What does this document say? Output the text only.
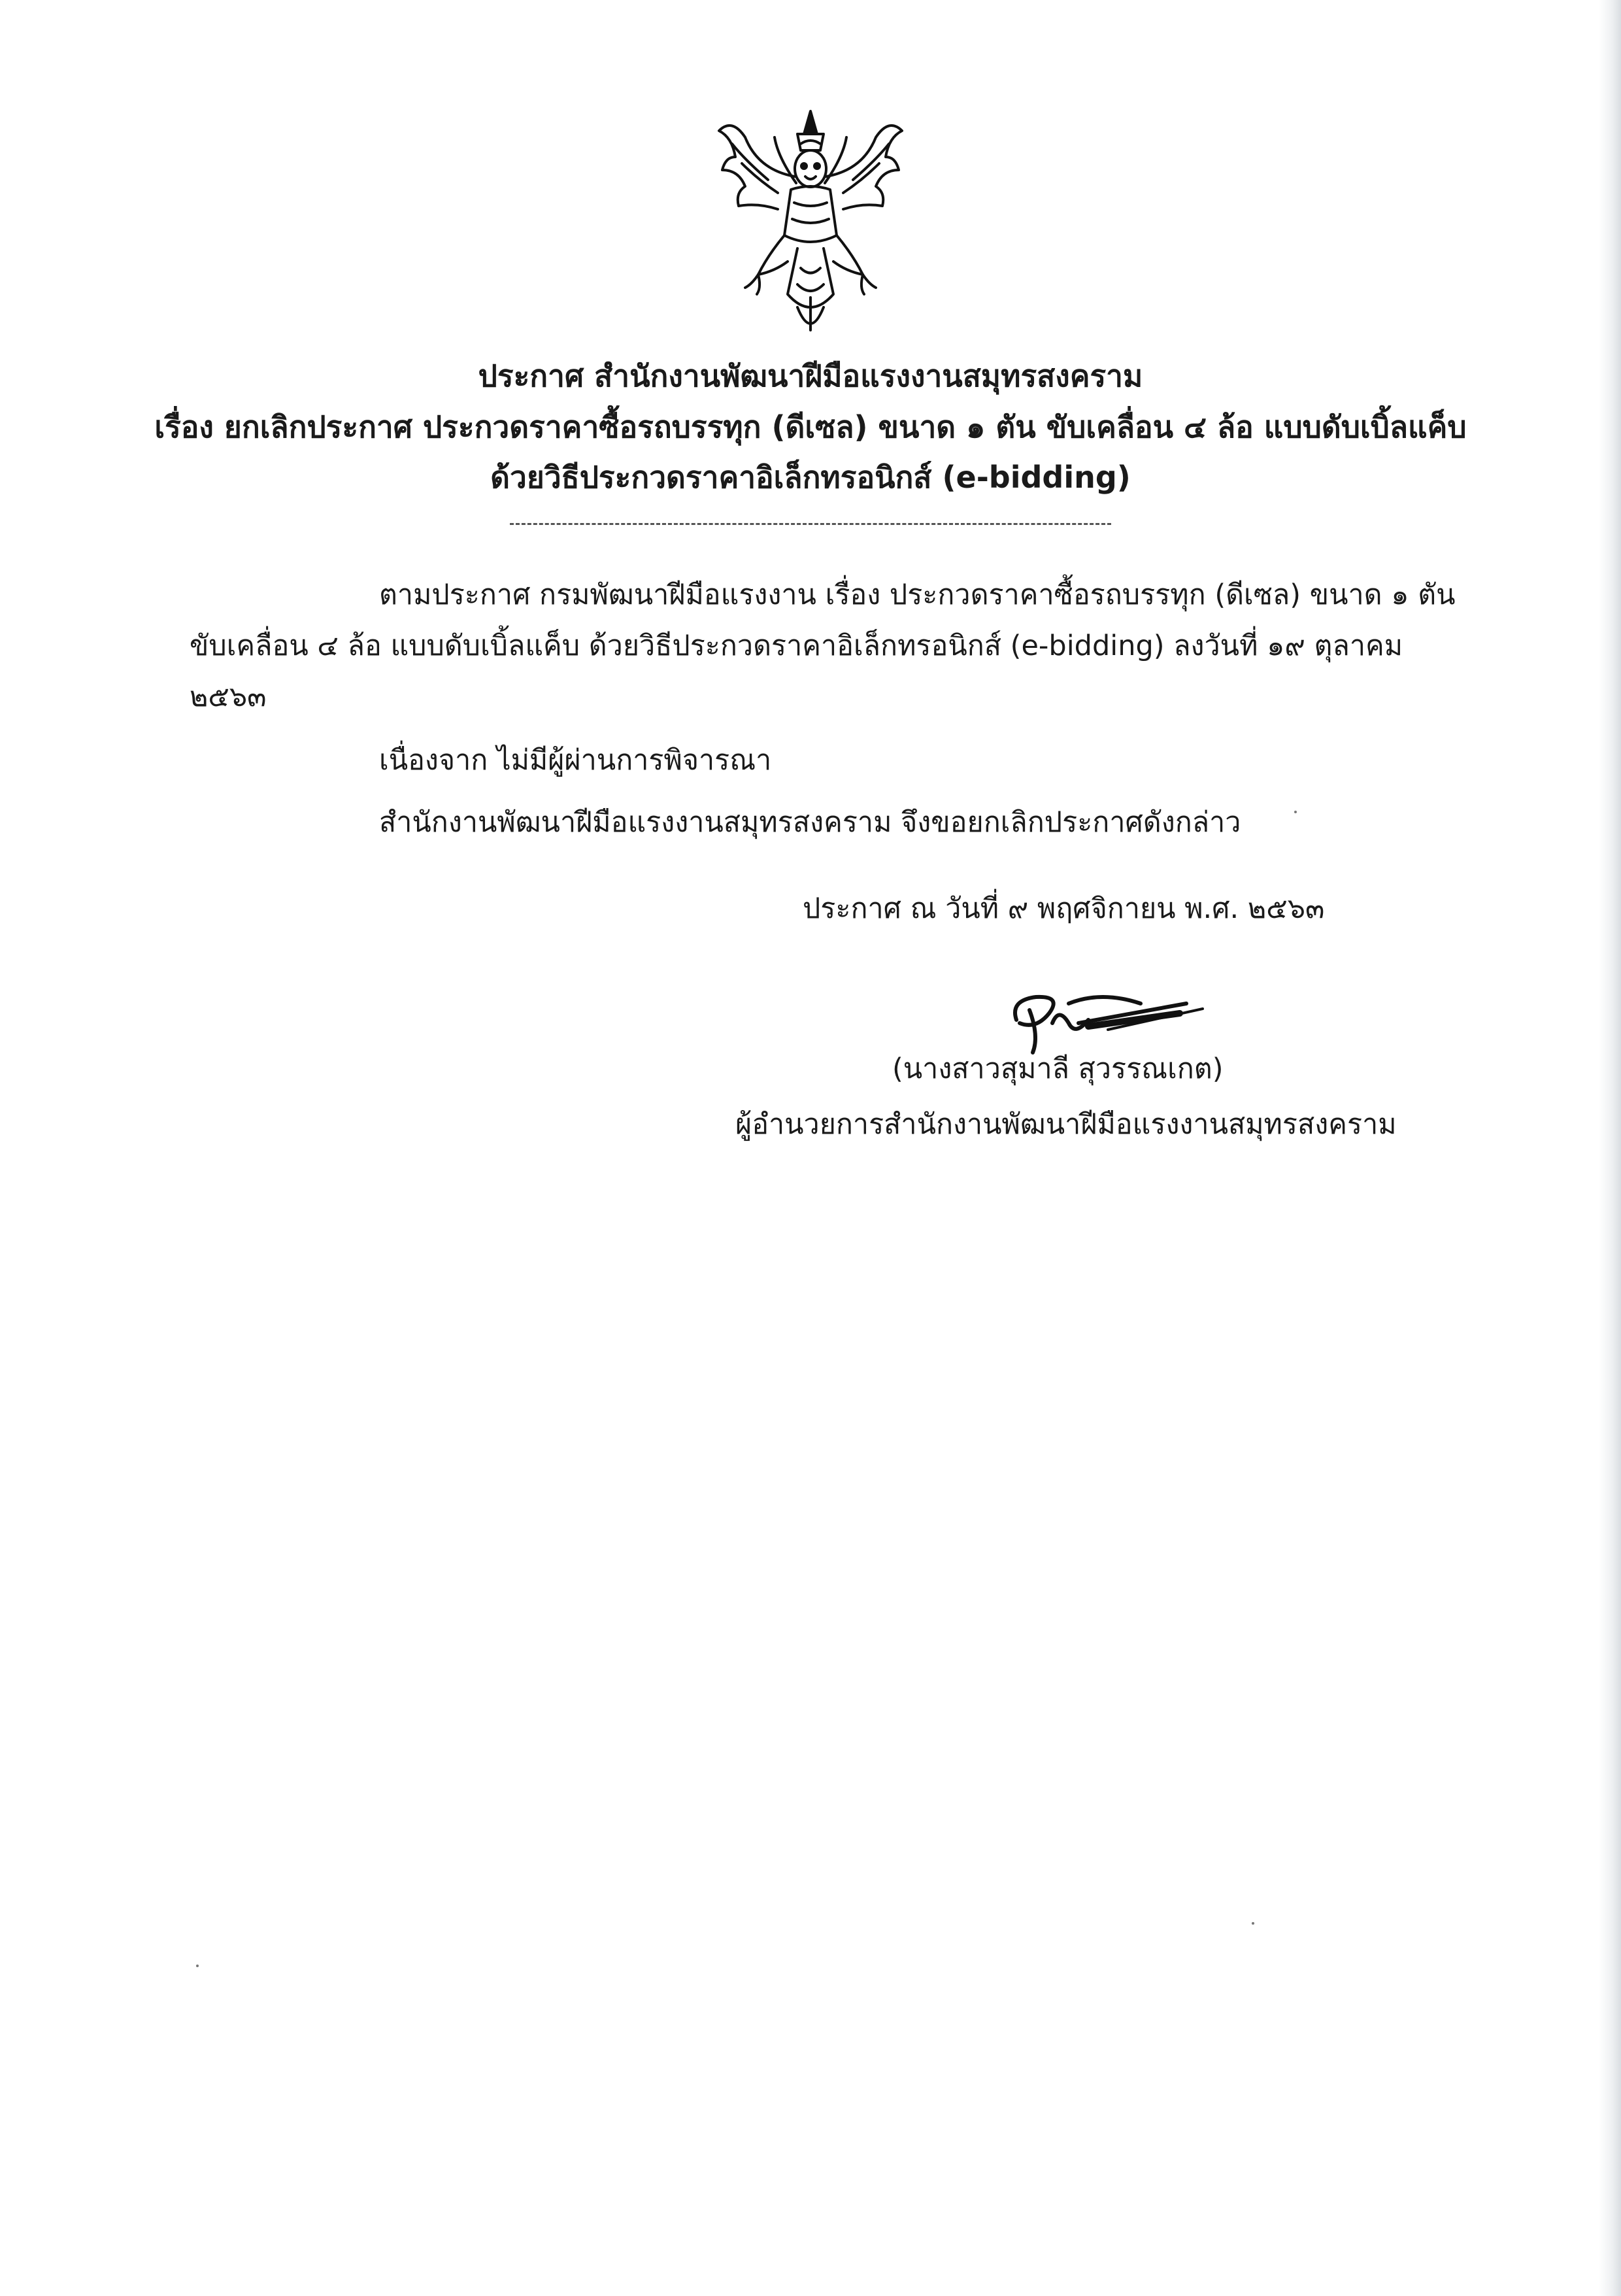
ประกาศ สำนักงานพัฒนาฝีมือแรงงานสมุทรสงคราม
เรื่อง ยกเลิกประกาศ ประกวดราคาซื้อรถบรรทุก (ดีเซล) ขนาด ๑ ตัน ขับเคลื่อน ๔ ล้อ แบบดับเบิ้ลแค็บ
ด้วยวิธีประกวดราคาอิเล็กทรอนิกส์ (e-bidding)
ตามประกาศ กรมพัฒนาฝีมือแรงงาน เรื่อง ประกวดราคาซื้อรถบรรทุก (ดีเซล) ขนาด ๑ ตัน
ขับเคลื่อน ๔ ล้อ แบบดับเบิ้ลแค็บ ด้วยวิธีประกวดราคาอิเล็กทรอนิกส์ (e-bidding) ลงวันที่ ๑๙ ตุลาคม
๒๕๖๓
เนื่องจาก ไม่มีผู้ผ่านการพิจารณา
สำนักงานพัฒนาฝีมือแรงงานสมุทรสงคราม จึงขอยกเลิกประกาศดังกล่าว
ประกาศ ณ วันที่ ๙ พฤศจิกายน พ.ศ. ๒๕๖๓
(นางสาวสุมาลี สุวรรณเกต)
ผู้อำนวยการสำนักงานพัฒนาฝีมือแรงงานสมุทรสงคราม
